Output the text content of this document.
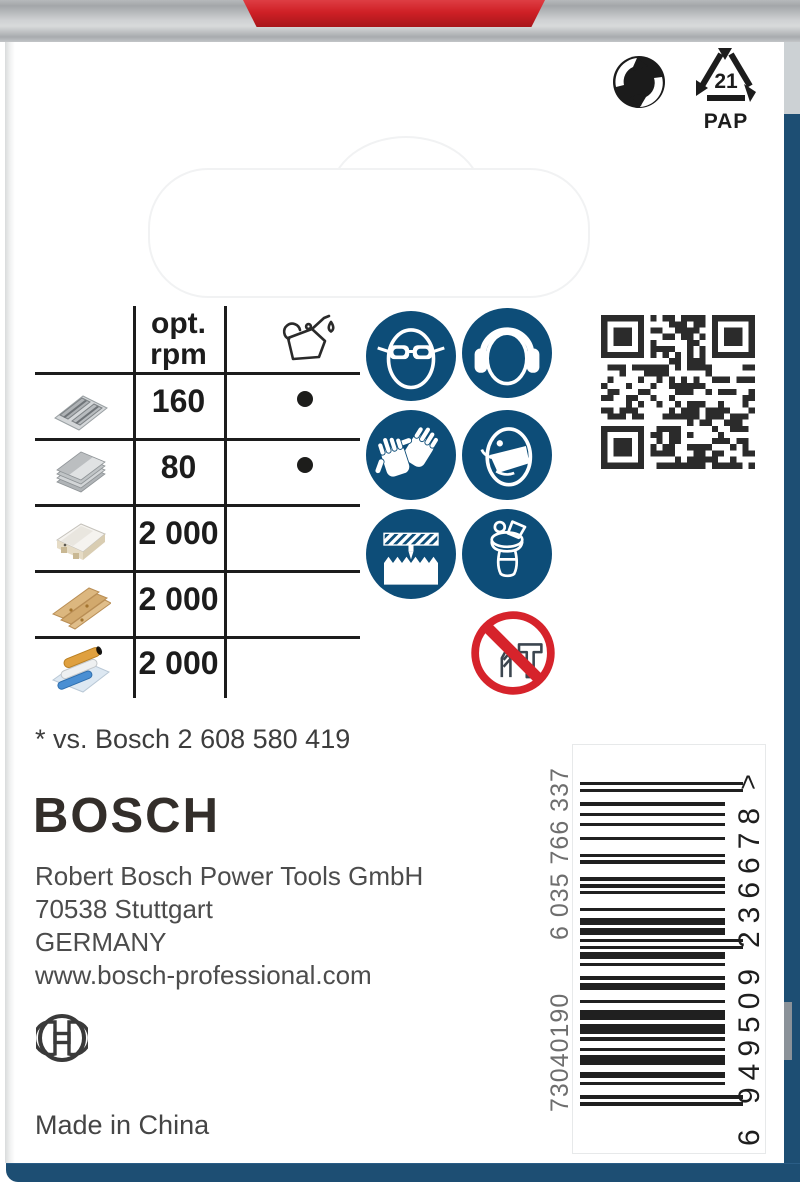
21
PAP
opt.
rpm
160
80
2 000
2 000
2 000
* vs. Bosch 2 608 580 419
BOSCH
Robert Bosch Power Tools GmbH
70538 Stuttgart
GERMANY
www.bosch-professional.com
Made in China
6 035 766 337
73040190
6
949509
236678
>
